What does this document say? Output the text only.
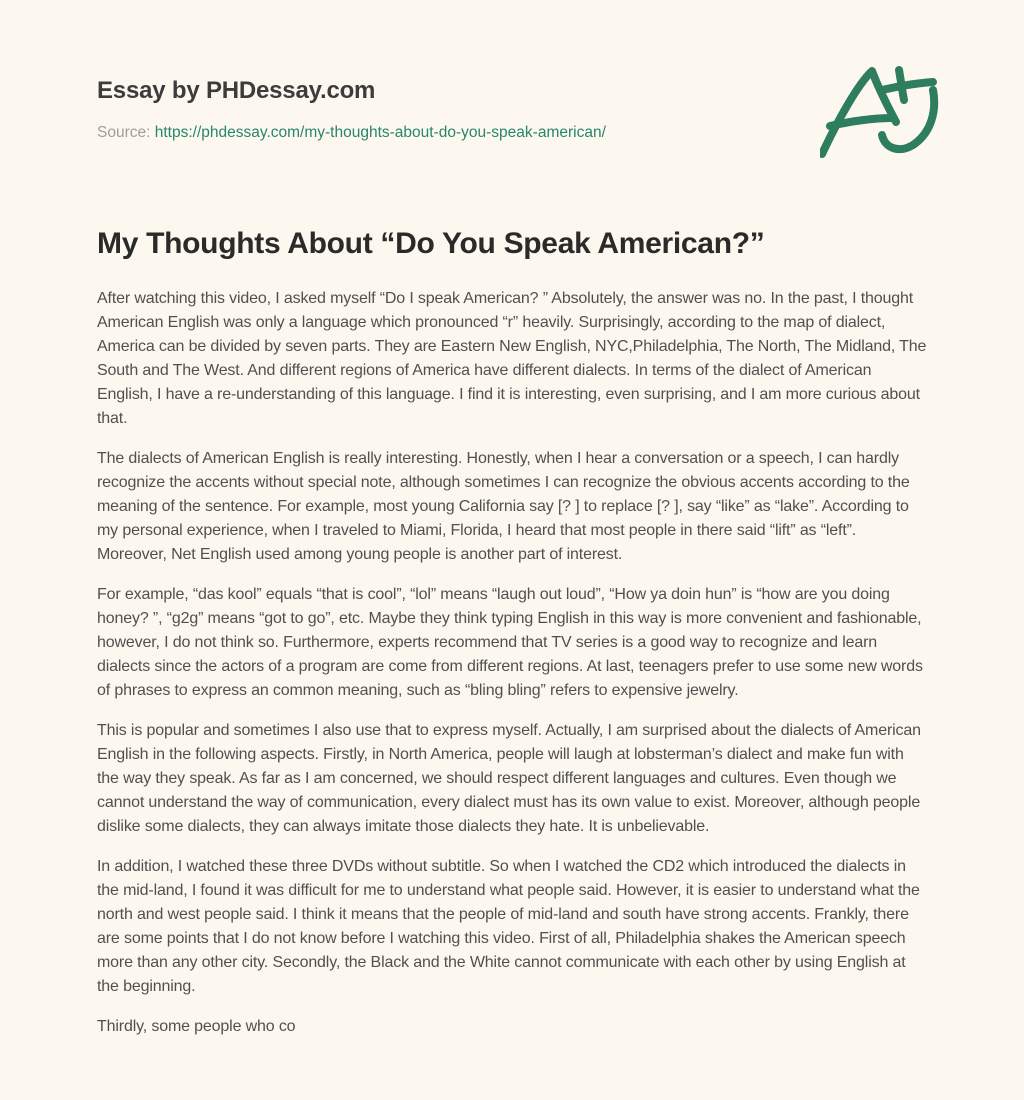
Essay by PHDessay.com
Source: https://phdessay.com/my-thoughts-about-do-you-speak-american/
My Thoughts About “Do You Speak American?”

After watching this video, I asked myself “Do I speak American? ” Absolutely, the answer was no. In the past, I thought American English was only a language which pronounced “r” heavily. Surprisingly, according to the map of dialect, America can be divided by seven parts. They are Eastern New English, NYC,Philadelphia, The North, The Midland, The South and The West. And different regions of America have different dialects. In terms of the dialect of American English, I have a re-understanding of this language. I find it is interesting, even surprising, and I am more curious about that.

The dialects of American English is really interesting. Honestly, when I hear a conversation or a speech, I can hardly recognize the accents without special note, although sometimes I can recognize the obvious accents according to the meaning of the sentence. For example, most young California say [? ] to replace [? ], say “like” as “lake”. According to my personal experience, when I traveled to Miami, Florida, I heard that most people in there said “lift” as “left”. Moreover, Net English used among young people is another part of interest.

For example, “das kool” equals “that is cool”, “lol” means “laugh out loud”, “How ya doin hun” is “how are you doing honey? ”, “g2g” means “got to go”, etc. Maybe they think typing English in this way is more convenient and fashionable, however, I do not think so. Furthermore, experts recommend that TV series is a good way to recognize and learn dialects since the actors of a program are come from different regions. At last, teenagers prefer to use some new words of phrases to express an common meaning, such as “bling bling” refers to expensive jewelry.

This is popular and sometimes I also use that to express myself. Actually, I am surprised about the dialects of American English in the following aspects. Firstly, in North America, people will laugh at lobsterman’s dialect and make fun with the way they speak. As far as I am concerned, we should respect different languages and cultures. Even though we cannot understand the way of communication, every dialect must has its own value to exist. Moreover, although people dislike some dialects, they can always imitate those dialects they hate. It is unbelievable.

In addition, I watched these three DVDs without subtitle. So when I watched the CD2 which introduced the dialects in the mid-land, I found it was difficult for me to understand what people said. However, it is easier to understand what the north and west people said. I think it means that the people of mid-land and south have strong accents. Frankly, there are some points that I do not know before I watching this video. First of all, Philadelphia shakes the American speech more than any other city. Secondly, the Black and the White cannot communicate with each other by using English at the beginning.

Thirdly, some people who co
